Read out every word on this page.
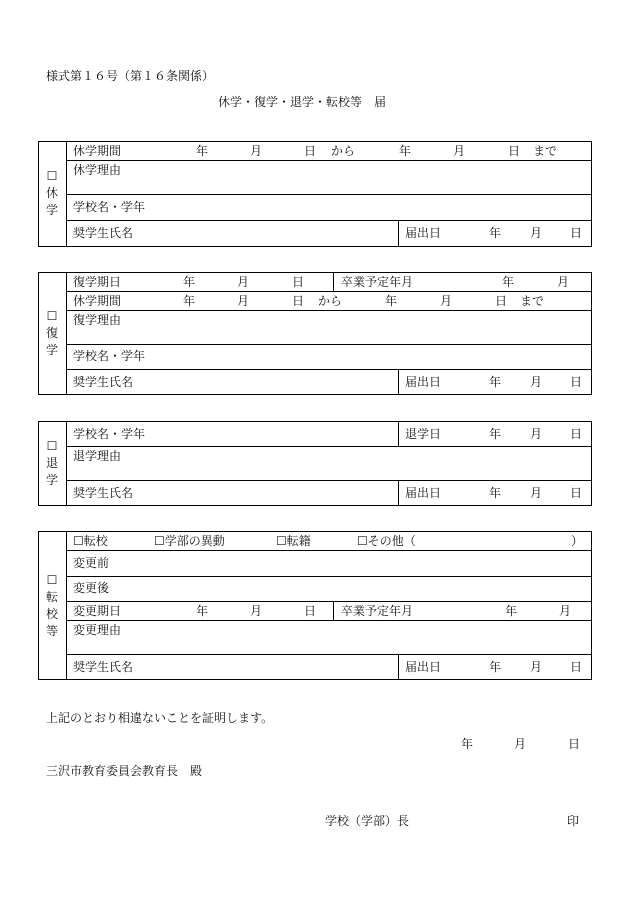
様式第１６号（第１６条関係）
休学・復学・退学・転校等　届
☐
休
学
休学期間	年	月	日 から	年	月	日 まで
休学理由
学校名・学年
奨学生氏名	届出日	年 月 日
☐
復
学
復学期日	年	月	日	卒業予定年月	年	月
休学期間	年	月	日 から	年	月	日 まで
復学理由
学校名・学年
奨学生氏名	届出日	年 月 日
☐
退
学
学校名・学年	退学日	年 月 日
退学理由
奨学生氏名	届出日	年 月 日
☐
転
校
等
☐転校	☐学部の異動	☐転籍	☐その他（	）
変更前
変更後
変更期日	年	月	日 卒業予定年月	年	月
変更理由
奨学生氏名	届出日	年 月 日
上記のとおり相違ないことを証明します。
年	月	日
三沢市教育委員会教育長　殿
学校（学部）長	印
